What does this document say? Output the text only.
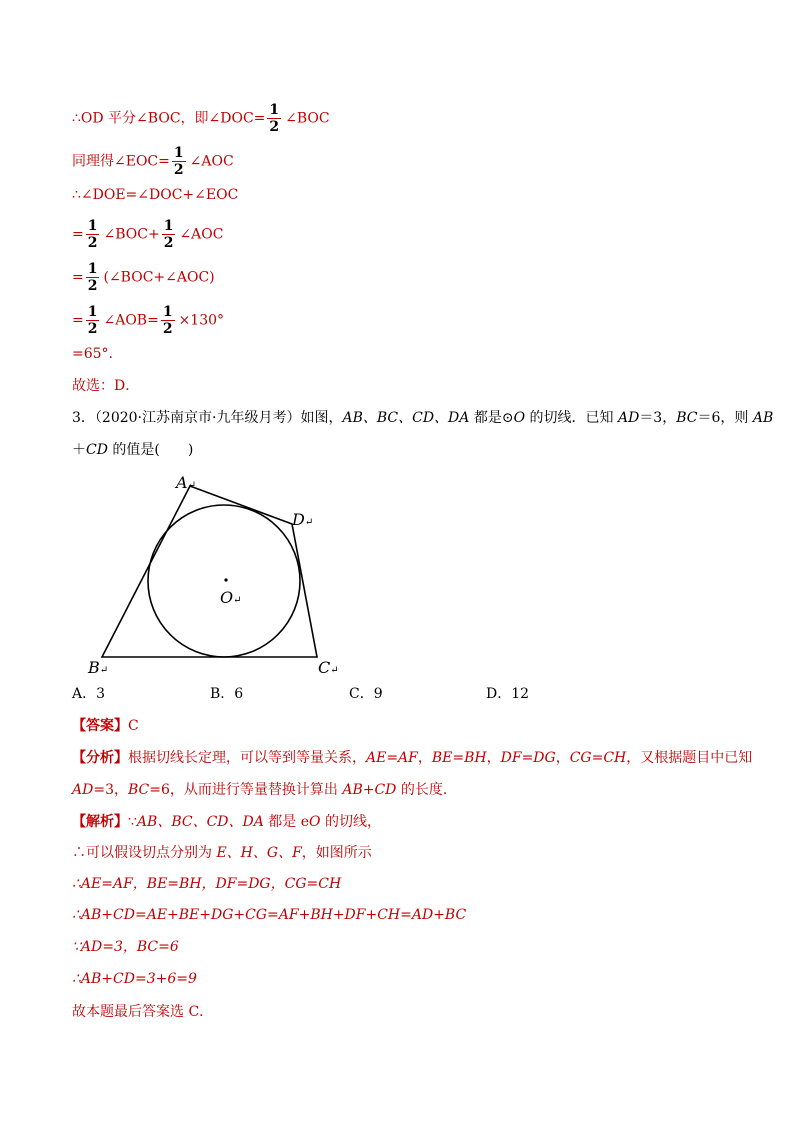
∴OD 平分∠BOC，即∠DOC= $\frac{1}{2}$ ∠BOC
同理得∠EOC= $\frac{1}{2}$ ∠AOC
∴∠DOE=∠DOC+∠EOC
= $\frac{1}{2}$ ∠BOC+ $\frac{1}{2}$ ∠AOC
= $\frac{1}{2}$ (∠BOC+∠AOC)
= $\frac{1}{2}$ ∠AOB= $\frac{1}{2} \times 130^\circ$
=65°.
故选：D．
3．（2020·江苏南京市·九年级月考）如图，AB、BC、CD、DA 都是⊙O 的切线．已知 AD＝3，BC＝6，则 AB
＋CD 的值是(　　)
A↵
D↵
O↵
B↵	C↵
A．3	B．6	C．9	D．12
【答案】C
【分析】根据切线长定理，可以等到等量关系，AE=AF，BE=BH，DF=DG，CG=CH，又根据题目中已知
AD=3，BC=6，从而进行等量替换计算出 AB+CD 的长度．
【解析】∵AB、BC、CD、DA 都是 eO 的切线，
∴可以假设切点分别为 E、H、G、F，如图所示
∴AE=AF，BE=BH，DF=DG，CG=CH
∴AB+CD=AE+BE+DG+CG=AF+BH+DF+CH=AD+BC
∵AD=3，BC=6
∴AB+CD=3+6=9
故本题最后答案选 C．
